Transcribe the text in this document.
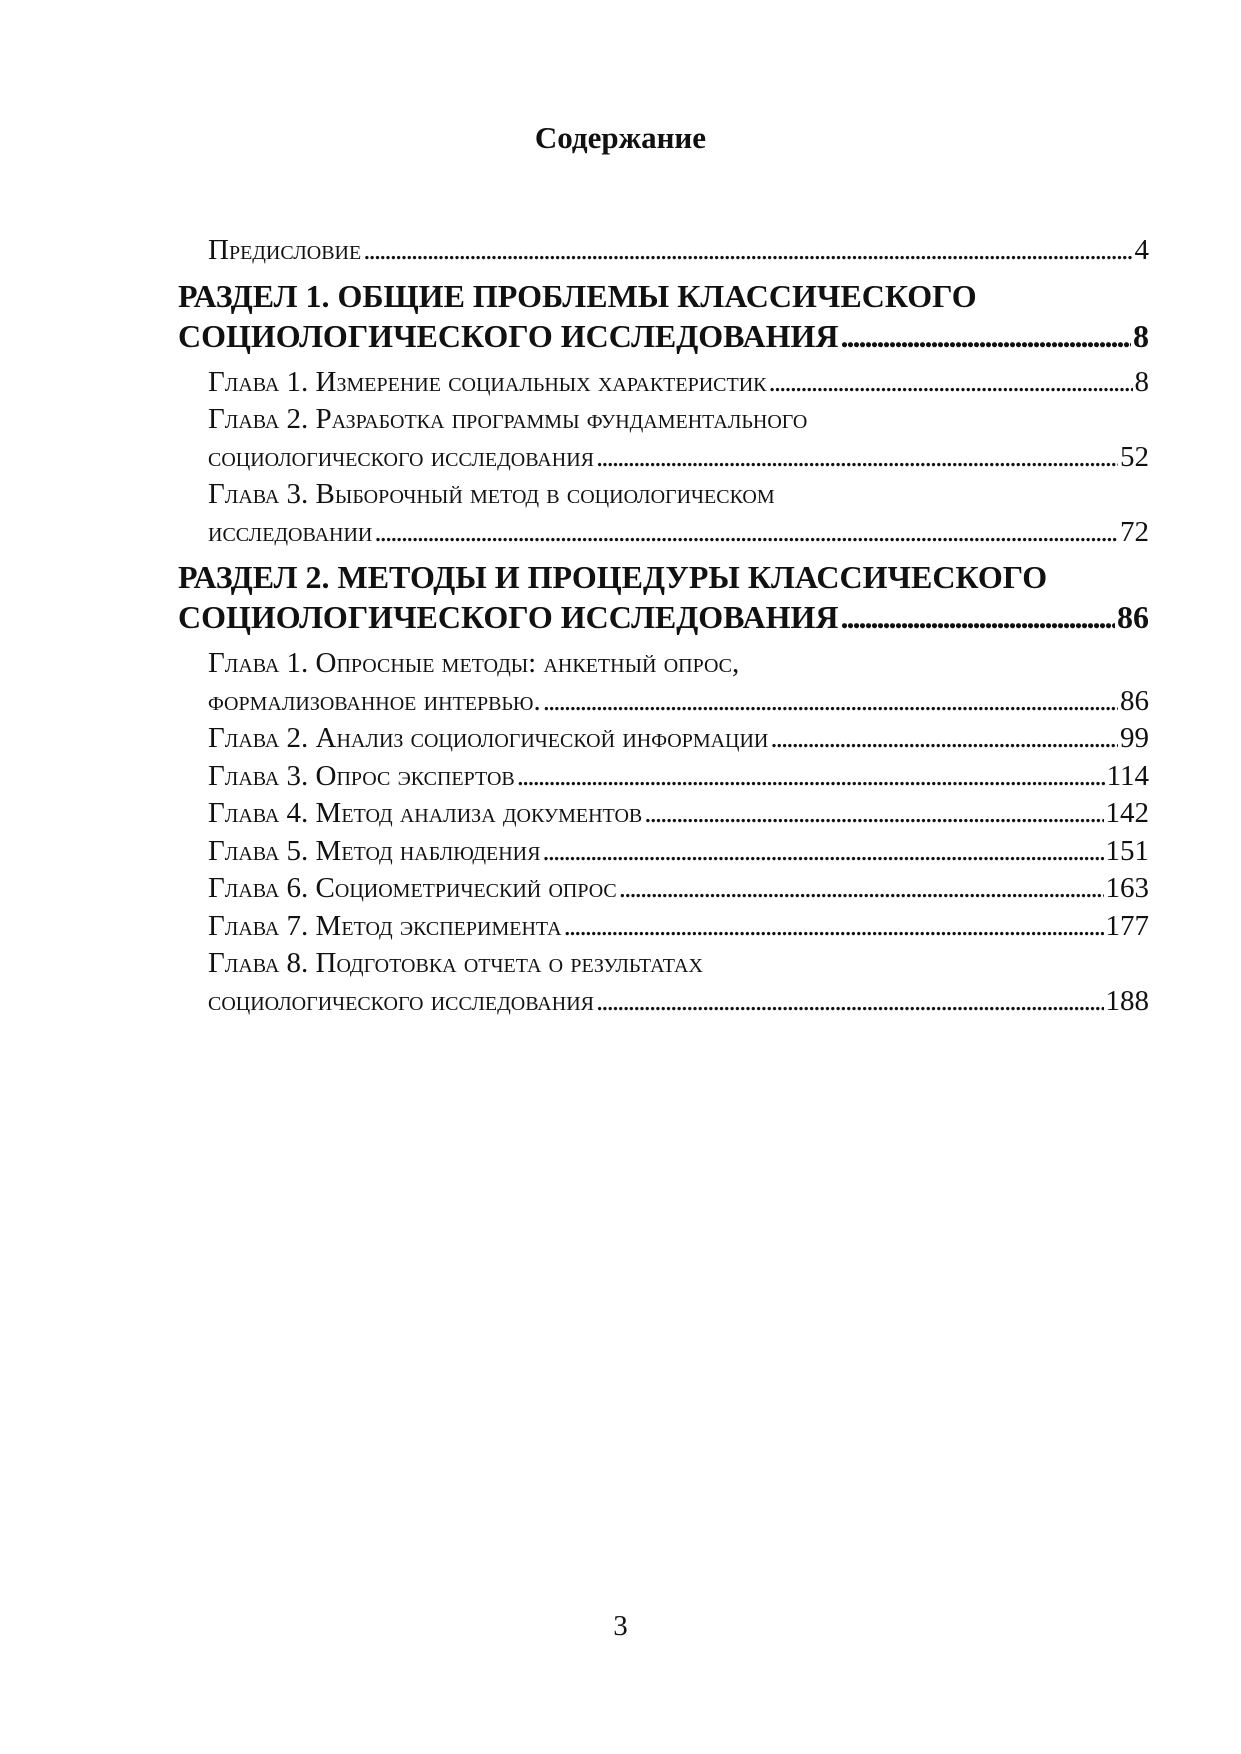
Содержание
Предисловие . . .	4
РАЗДЕЛ 1. ОБЩИЕ ПРОБЛЕМЫ КЛАССИЧЕСКОГО
СОЦИОЛОГИЧЕСКОГО ИССЛЕДОВАНИЯ . . .	8
Глава 1. Измерение социальных характеристик . . .	8
Глава 2. Разработка программы фундаментального
социологического исследования . . .	52
Глава 3. Выборочный метод в социологическом
исследовании . . .	72
РАЗДЕЛ 2. МЕТОДЫ И ПРОЦЕДУРЫ КЛАССИЧЕСКОГО
СОЦИОЛОГИЧЕСКОГО ИССЛЕДОВАНИЯ . . .	86
Глава 1. Опросные методы: анкетный опрос,
формализованное интервью. . . .	86
Глава 2. Анализ социологической информации . . .	99
Глава 3. Опрос экспертов . . .	114
Глава 4. Метод анализа документов . . .	142
Глава 5. Метод наблюдения . . .	151
Глава 6. Социометрический опрос . . .	163
Глава 7. Метод эксперимента . . .	177
Глава 8. Подготовка отчета о результатах
социологического исследования . . .	188
3
